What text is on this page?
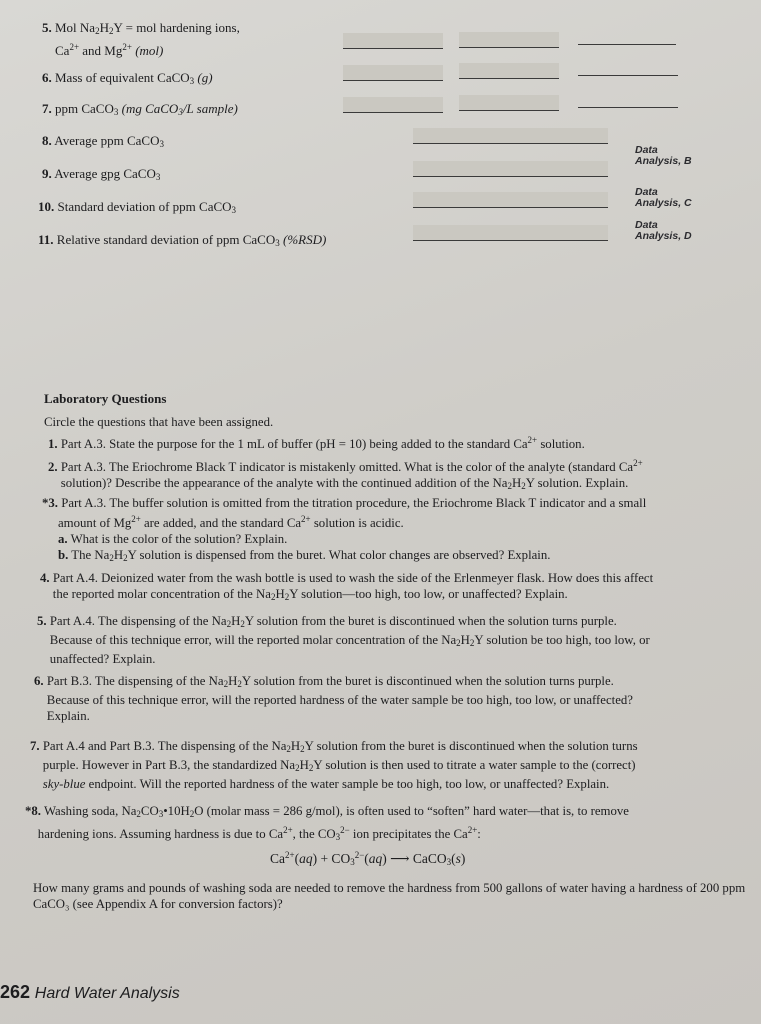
5. Mol $Na_2H_2Y$ = mol hardening ions,
$Ca^{2+}$ and $Mg^{2+}$ (mol)
6. Mass of equivalent CaCO$_3$ (g)
7. ppm CaCO$_3$ (mg CaCO$_3$/L sample)
8. Average ppm CaCO$_3$
9. Average gpg CaCO$_3$
10. Standard deviation of ppm CaCO$_3$
11. Relative standard deviation of ppm CaCO$_3$ (%RSD)
Data
Analysis, B
Data
Analysis, C
Data
Analysis, D
Laboratory Questions
Circle the questions that have been assigned.
1. Part A.3. State the purpose for the 1 mL of buffer (pH = 10) being added to the standard $Ca^{2+}$ solution.
2. Part A.3. The Eriochrome Black T indicator is mistakenly omitted. What is the color of the analyte (standard $Ca^{2+}$
solution)? Describe the appearance of the analyte with the continued addition of the $Na_2H_2Y$ solution. Explain.
*3. Part A.3. The buffer solution is omitted from the titration procedure, the Eriochrome Black T indicator and a small
amount of $Mg^{2+}$ are added, and the standard $Ca^{2+}$ solution is acidic.
a. What is the color of the solution? Explain.
b. The $Na_2H_2Y$ solution is dispensed from the buret. What color changes are observed? Explain.
4. Part A.4. Deionized water from the wash bottle is used to wash the side of the Erlenmeyer flask. How does this affect
the reported molar concentration of the $Na_2H_2Y$ solution—too high, too low, or unaffected? Explain.
5. Part A.4. The dispensing of the $Na_2H_2Y$ solution from the buret is discontinued when the solution turns purple.
Because of this technique error, will the reported molar concentration of the $Na_2H_2Y$ solution be too high, too low, or
unaffected? Explain.
6. Part B.3. The dispensing of the $Na_2H_2Y$ solution from the buret is discontinued when the solution turns purple.
Because of this technique error, will the reported hardness of the water sample be too high, too low, or unaffected?
Explain.
7. Part A.4 and Part B.3. The dispensing of the $Na_2H_2Y$ solution from the buret is discontinued when the solution turns
purple. However in Part B.3, the standardized $Na_2H_2Y$ solution is then used to titrate a water sample to the (correct)
sky-blue endpoint. Will the reported hardness of the water sample be too high, too low, or unaffected? Explain.
*8. Washing soda, $Na_2CO_3•10H_2O$ (molar mass = 286 g/mol), is often used to “soften” hard water—that is, to remove
hardening ions. Assuming hardness is due to $Ca^{2+}$, the $CO_3^{2-}$ ion precipitates the $Ca^{2+}$:
$Ca^{2+}(aq) + CO_3^{2-}(aq)$ ⟶ CaCO$_3$(s)
How many grams and pounds of washing soda are needed to remove the hardness from 500 gallons of water having a hardness of 200 ppm CaCO₃ (see Appendix A for conversion factors)?
262 Hard Water Analysis
